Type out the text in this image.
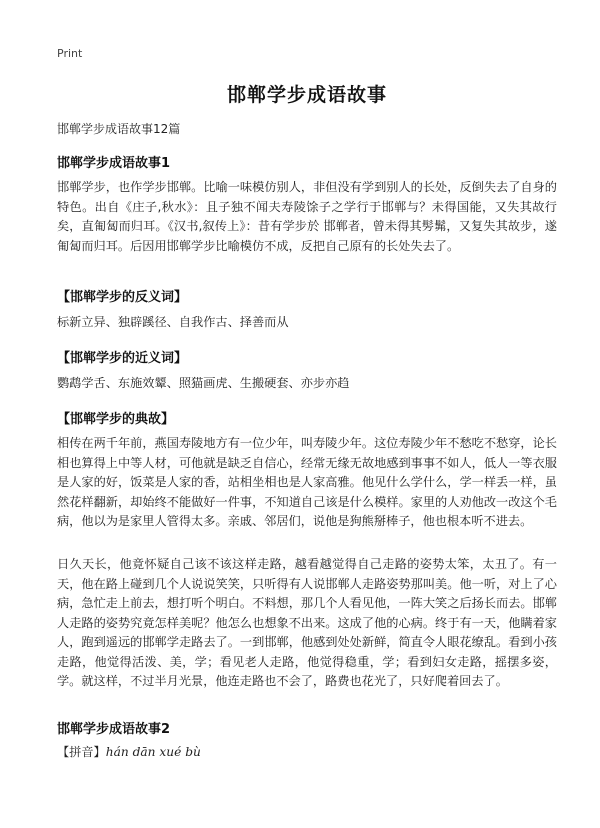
Print
邯郸学步成语故事
邯郸学步成语故事12篇
邯郸学步成语故事1

邯郸学步，也作学步邯郸。比喻一味模仿别人，非但没有学到别人的长处，反倒失去了自身的特色。出自《庄子,秋水》：且子独不闻夫寿陵馀子之学行于邯郸与？未得国能，又失其故行矣，直匍匐而归耳。《汉书,叙传上》：昔有学步於 邯郸者，曾未得其髣髴，又复失其故步，遂匍匐而归耳。后因用邯郸学步比喻模仿不成，反把自己原有的长处失去了。

【邯郸学步的反义词】

标新立异、独辟蹊径、自我作古、择善而从

【邯郸学步的近义词】

鹦鹉学舌、东施效颦、照猫画虎、生搬硬套、亦步亦趋

【邯郸学步的典故】

相传在两千年前，燕国寿陵地方有一位少年，叫寿陵少年。这位寿陵少年不愁吃不愁穿，论长相也算得上中等人材，可他就是缺乏自信心，经常无缘无故地感到事事不如人，低人一等衣服是人家的好，饭菜是人家的香，站相坐相也是人家高雅。他见什么学什么，学一样丢一样，虽然花样翻新，却始终不能做好一件事，不知道自己该是什么模样。家里的人劝他改一改这个毛病，他以为是家里人管得太多。亲戚、邻居们，说他是狗熊掰棒子，他也根本听不进去。

日久天长，他竟怀疑自己该不该这样走路，越看越觉得自己走路的姿势太笨，太丑了。有一天，他在路上碰到几个人说说笑笑，只听得有人说邯郸人走路姿势那叫美。他一听，对上了心病，急忙走上前去，想打听个明白。不料想，那几个人看见他，一阵大笑之后扬长而去。邯郸人走路的姿势究竟怎样美呢？他怎么也想象不出来。这成了他的心病。终于有一天，他瞒着家人，跑到遥远的邯郸学走路去了。一到邯郸，他感到处处新鲜，简直令人眼花缭乱。看到小孩走路，他觉得活泼、美，学；看见老人走路，他觉得稳重，学；看到妇女走路，摇摆多姿，学。就这样，不过半月光景，他连走路也不会了，路费也花光了，只好爬着回去了。

邯郸学步成语故事2
【拼音】hán dān xué bù
